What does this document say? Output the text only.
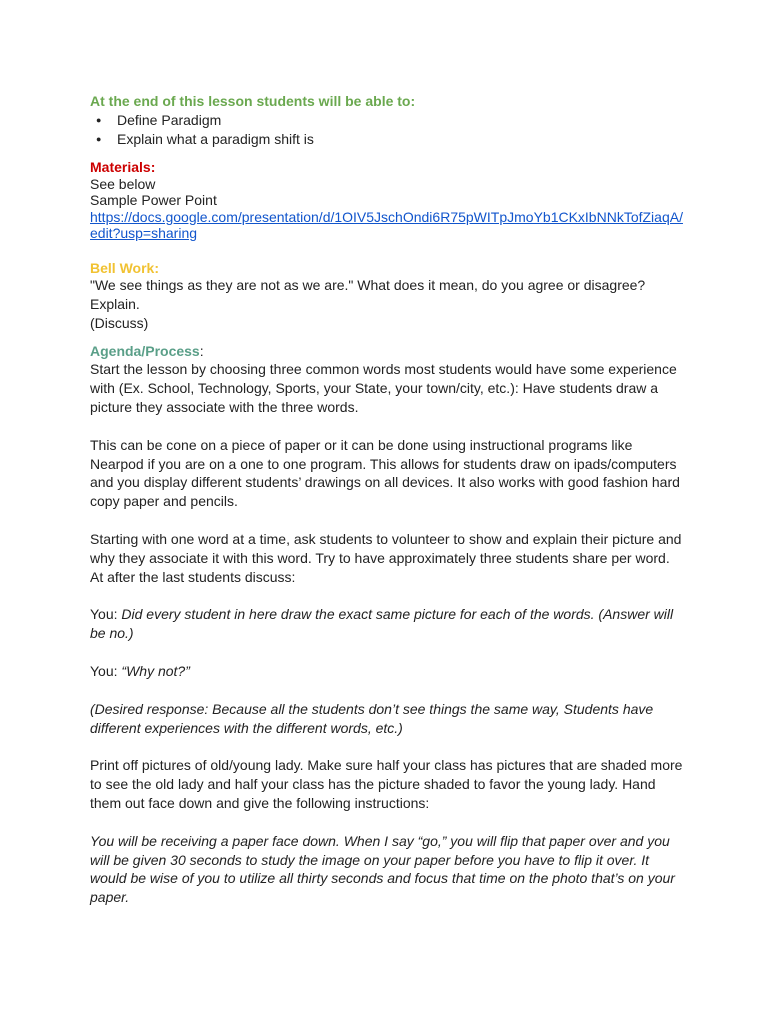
At the end of this lesson students will be able to:
● Define Paradigm
● Explain what a paradigm shift is
Materials:
See below
Sample Power Point
https://docs.google.com/presentation/d/1OIV5JschOndi6R75pWITpJmoYb1CKxIbNNkTofZiaqA/
edit?usp=sharing
Bell Work:
"We see things as they are not as we are." What does it mean, do you agree or disagree?
Explain.
(Discuss)
Agenda/Process:
Start the lesson by choosing three common words most students would have some experience
with (Ex. School, Technology, Sports, your State, your town/city, etc.): Have students draw a
picture they associate with the three words.
This can be cone on a piece of paper or it can be done using instructional programs like
Nearpod if you are on a one to one program. This allows for students draw on ipads/computers
and you display different students’ drawings on all devices. It also works with good fashion hard
copy paper and pencils.
Starting with one word at a time, ask students to volunteer to show and explain their picture and
why they associate it with this word. Try to have approximately three students share per word.
At after the last students discuss:
You: Did every student in here draw the exact same picture for each of the words. (Answer will
be no.)
You: “Why not?”
(Desired response: Because all the students don’t see things the same way, Students have
different experiences with the different words, etc.)
Print off pictures of old/young lady. Make sure half your class has pictures that are shaded more
to see the old lady and half your class has the picture shaded to favor the young lady. Hand
them out face down and give the following instructions:
You will be receiving a paper face down. When I say “go,” you will flip that paper over and you
will be given 30 seconds to study the image on your paper before you have to flip it over. It
would be wise of you to utilize all thirty seconds and focus that time on the photo that’s on your
paper.
